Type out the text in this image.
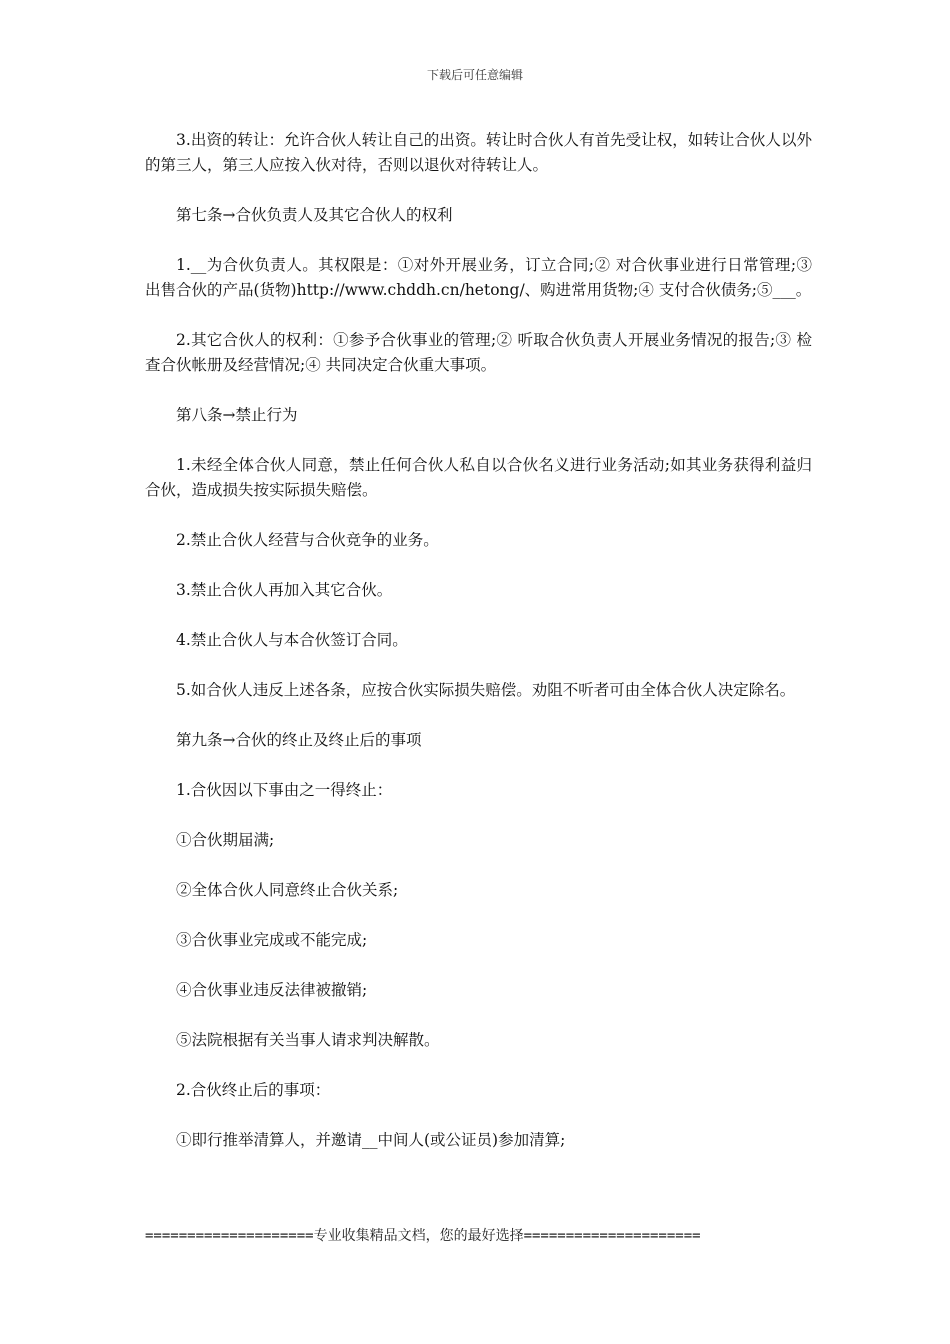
下载后可任意编辑

3.出资的转让：允许合伙人转让自己的出资。转让时合伙人有首先受让权，如转让合伙人以外的第三人，第三人应按入伙对待，否则以退伙对待转让人。

第七条→合伙负责人及其它合伙人的权利

1.__为合伙负责人。其权限是：①对外开展业务，订立合同;② 对合伙事业进行日常管理;③ 出售合伙的产品(货物)http://www.chddh.cn/hetong/、购进常用货物;④ 支付合伙债务;⑤___。

2.其它合伙人的权利：①参予合伙事业的管理;② 听取合伙负责人开展业务情况的报告;③ 检查合伙帐册及经营情况;④ 共同决定合伙重大事项。

第八条→禁止行为

1.未经全体合伙人同意，禁止任何合伙人私自以合伙名义进行业务活动;如其业务获得利益归合伙，造成损失按实际损失赔偿。

2.禁止合伙人经营与合伙竞争的业务。

3.禁止合伙人再加入其它合伙。

4.禁止合伙人与本合伙签订合同。

5.如合伙人违反上述各条，应按合伙实际损失赔偿。劝阻不听者可由全体合伙人决定除名。

第九条→合伙的终止及终止后的事项

1.合伙因以下事由之一得终止：

①合伙期届满;

②全体合伙人同意终止合伙关系;

③合伙事业完成或不能完成;

④合伙事业违反法律被撤销;

⑤法院根据有关当事人请求判决解散。

2.合伙终止后的事项：

①即行推举清算人，并邀请__中间人(或公证员)参加清算;

====================专业收集精品文档，您的最好选择=====================
